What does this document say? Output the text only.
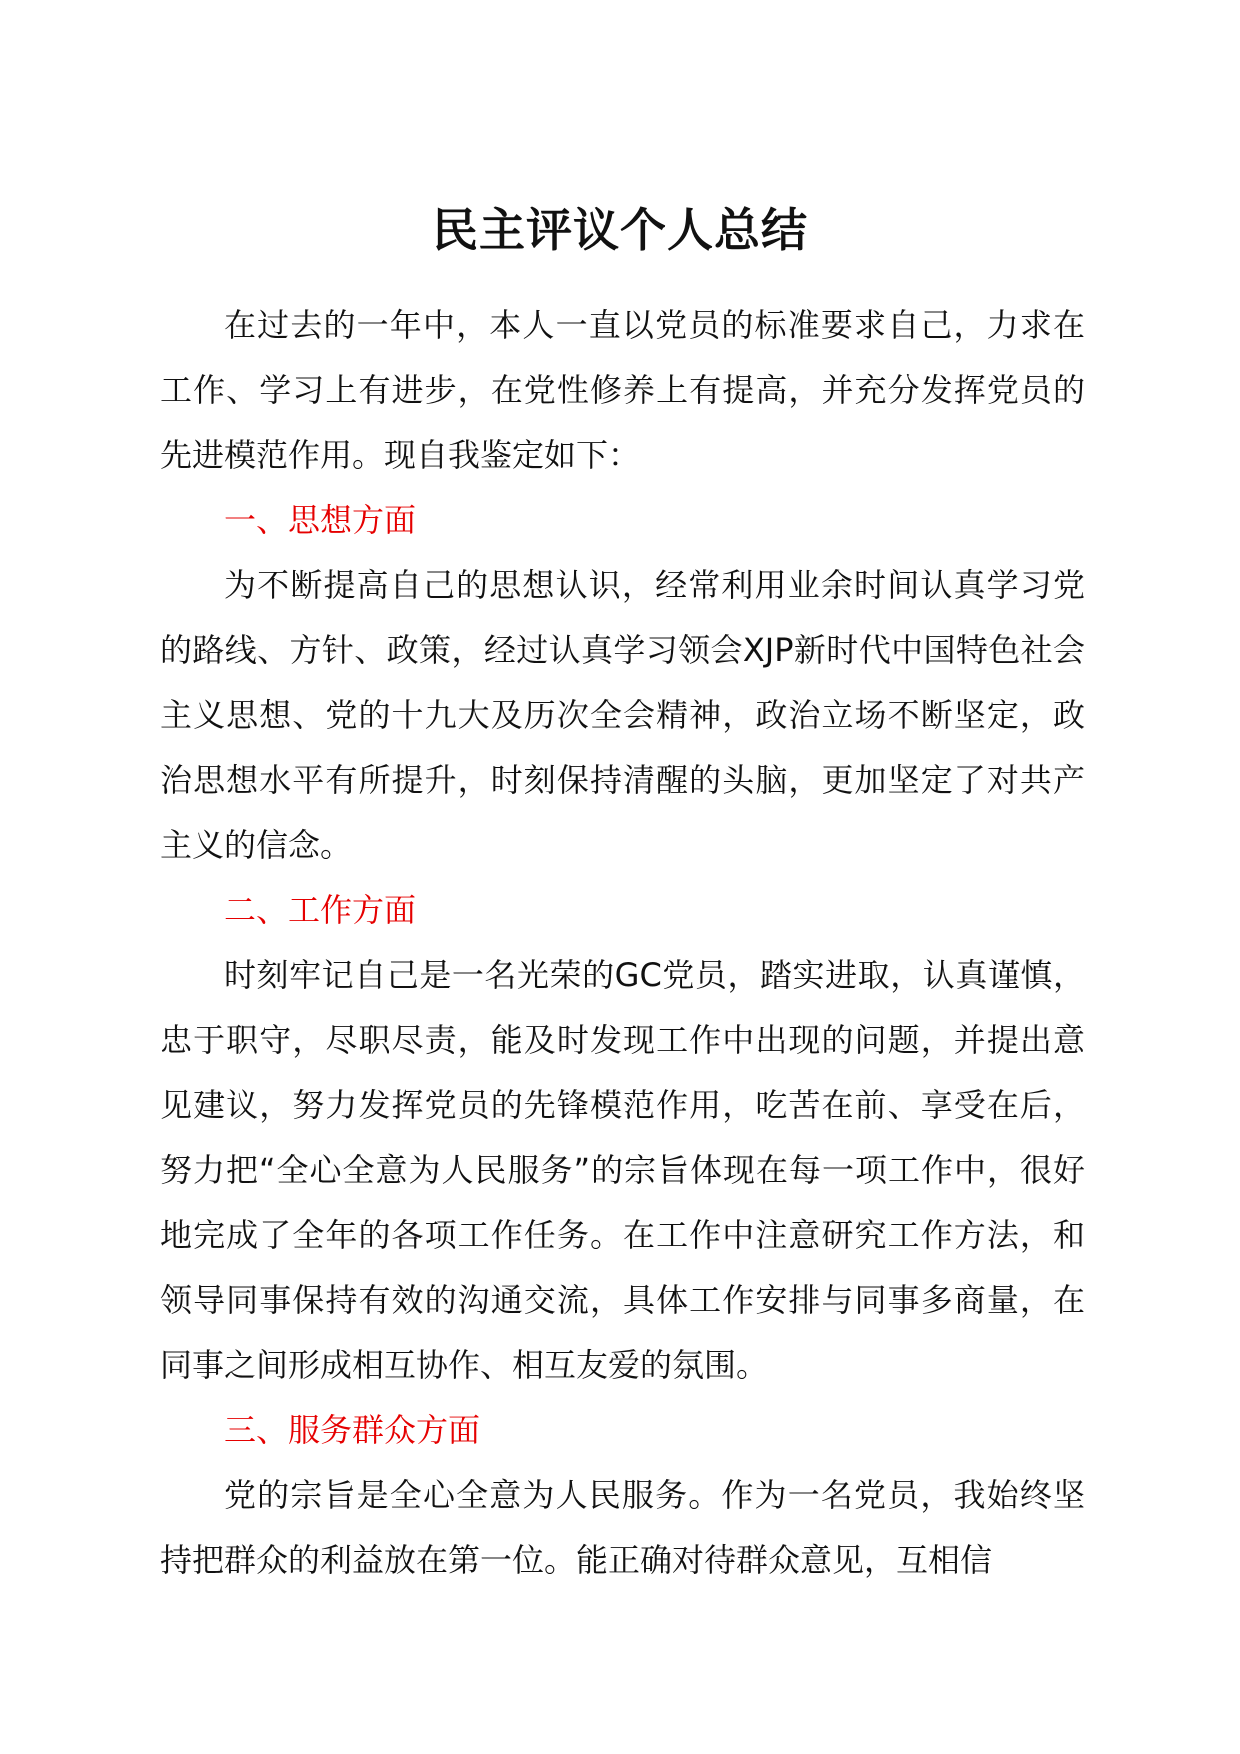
民主评议个人总结

在过去的一年中，本人一直以党员的标准要求自己，力求在工作、学习上有进步，在党性修养上有提高，并充分发挥党员的先进模范作用。现自我鉴定如下：

一、思想方面

为不断提高自己的思想认识，经常利用业余时间认真学习党的路线、方针、政策，经过认真学习领会XJP新时代中国特色社会主义思想、党的十九大及历次全会精神，政治立场不断坚定，政治思想水平有所提升，时刻保持清醒的头脑，更加坚定了对共产主义的信念。

二、工作方面

时刻牢记自己是一名光荣的GC党员，踏实进取，认真谨慎，忠于职守，尽职尽责，能及时发现工作中出现的问题，并提出意见建议，努力发挥党员的先锋模范作用，吃苦在前、享受在后，努力把“全心全意为人民服务”的宗旨体现在每一项工作中，很好地完成了全年的各项工作任务。在工作中注意研究工作方法，和领导同事保持有效的沟通交流，具体工作安排与同事多商量，在同事之间形成相互协作、相互友爱的氛围。

三、服务群众方面

党的宗旨是全心全意为人民服务。作为一名党员，我始终坚持把群众的利益放在第一位。能正确对待群众意见，互相信
